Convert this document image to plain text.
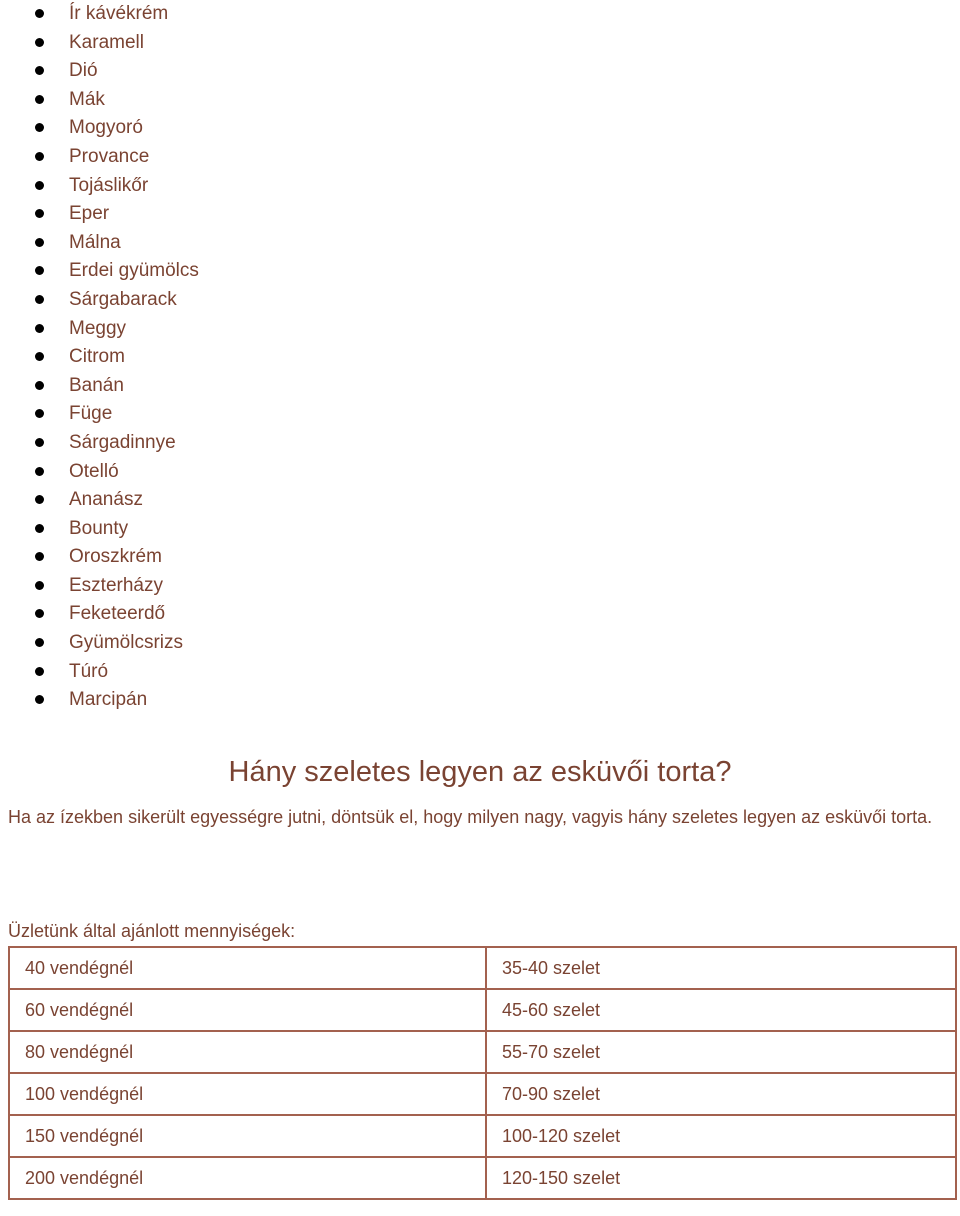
Ír kávékrém
Karamell
Dió
Mák
Mogyoró
Provance
Tojáslikőr
Eper
Málna
Erdei gyümölcs
Sárgabarack
Meggy
Citrom
Banán
Füge
Sárgadinnye
Otelló
Ananász
Bounty
Oroszkrém
Eszterházy
Feketeerdő
Gyümölcsrizs
Túró
Marcipán
Hány szeletes legyen az esküvői torta?

Ha az ízekben sikerült egyességre jutni, döntsük el, hogy milyen nagy, vagyis hány szeletes legyen az esküvői torta.

Üzletünk által ajánlott mennyiségek:

40 vendégnél	35-40 szelet
60 vendégnél	45-60 szelet
80 vendégnél	55-70 szelet
100 vendégnél	70-90 szelet
150 vendégnél	100-120 szelet
200 vendégnél	120-150 szelet
